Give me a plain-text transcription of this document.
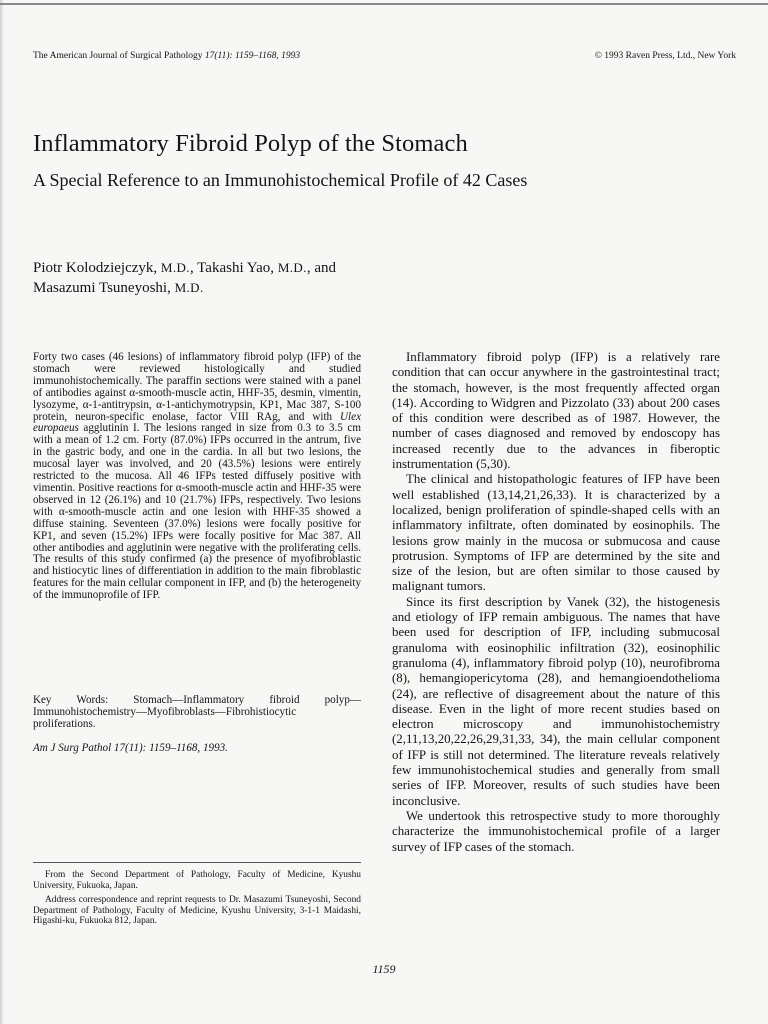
The American Journal of Surgical Pathology 17(11): 1159–1168, 1993	© 1993 Raven Press, Ltd., New York
Inflammatory Fibroid Polyp of the Stomach
A Special Reference to an Immunohistochemical Profile of 42 Cases

Piotr Kolodziejczyk, M.D., Takashi Yao, M.D., and
Masazumi Tsuneyoshi, M.D.

Forty two cases (46 lesions) of inflammatory fibroid polyp (IFP) of the stomach were reviewed histologically and studied immunohistochemically. The paraffin sections were stained with a panel of antibodies against α-smooth-muscle actin, HHF-35, desmin, vimentin, lysozyme, α-1-antitrypsin, α-1-antichymotrypsin, KP1, Mac 387, S-100 protein, neuron-specific enolase, factor VIII RAg, and with Ulex europaeus agglutinin I. The lesions ranged in size from 0.3 to 3.5 cm with a mean of 1.2 cm. Forty (87.0%) IFPs occurred in the antrum, five in the gastric body, and one in the cardia. In all but two lesions, the mucosal layer was involved, and 20 (43.5%) lesions were entirely restricted to the mucosa. All 46 IFPs tested diffusely positive with vimentin. Positive reactions for α-smooth-muscle actin and HHF-35 were observed in 12 (26.1%) and 10 (21.7%) IFPs, respectively. Two lesions with α-smooth-muscle actin and one lesion with HHF-35 showed a diffuse staining. Seventeen (37.0%) lesions were focally positive for KP1, and seven (15.2%) IFPs were focally positive for Mac 387. All other antibodies and agglutinin were negative with the proliferating cells. The results of this study confirmed (a) the presence of myofibroblastic and histiocytic lines of differentiation in addition to the main fibroblastic features for the main cellular component in IFP, and (b) the heterogeneity of the immunoprofile of IFP.

Key Words: Stomach—Inflammatory fibroid polyp—Immunohistochemistry—Myofibroblasts—Fibrohistiocytic proliferations.

Am J Surg Pathol 17(11): 1159–1168, 1993.

From the Second Department of Pathology, Faculty of Medicine, Kyushu University, Fukuoka, Japan.

Address correspondence and reprint requests to Dr. Masazumi Tsuneyoshi, Second Department of Pathology, Faculty of Medicine, Kyushu University, 3-1-1 Maidashi, Higashi-ku, Fukuoka 812, Japan.

Inflammatory fibroid polyp (IFP) is a relatively rare condition that can occur anywhere in the gastrointestinal tract; the stomach, however, is the most frequently affected organ (14). According to Widgren and Pizzolato (33) about 200 cases of this condition were described as of 1987. However, the number of cases diagnosed and removed by endoscopy has increased recently due to the advances in fiberoptic instrumentation (5,30).

The clinical and histopathologic features of IFP have been well established (13,14,21,26,33). It is characterized by a localized, benign proliferation of spindle-shaped cells with an inflammatory infiltrate, often dominated by eosinophils. The lesions grow mainly in the mucosa or submucosa and cause protrusion. Symptoms of IFP are determined by the site and size of the lesion, but are often similar to those caused by malignant tumors.

Since its first description by Vanek (32), the histogenesis and etiology of IFP remain ambiguous. The names that have been used for description of IFP, including submucosal granuloma with eosinophilic infiltration (32), eosinophilic granuloma (4), inflammatory fibroid polyp (10), neurofibroma (8), hemangiopericytoma (28), and hemangioendothelioma (24), are reflective of disagreement about the nature of this disease. Even in the light of more recent studies based on electron microscopy and immunohistochemistry (2,11,13,20,22,26,29,31,33, 34), the main cellular component of IFP is still not determined. The literature reveals relatively few immunohistochemical studies and generally from small series of IFP. Moreover, results of such studies have been inconclusive.

We undertook this retrospective study to more thoroughly characterize the immunohistochemical profile of a larger survey of IFP cases of the stomach.

1159
